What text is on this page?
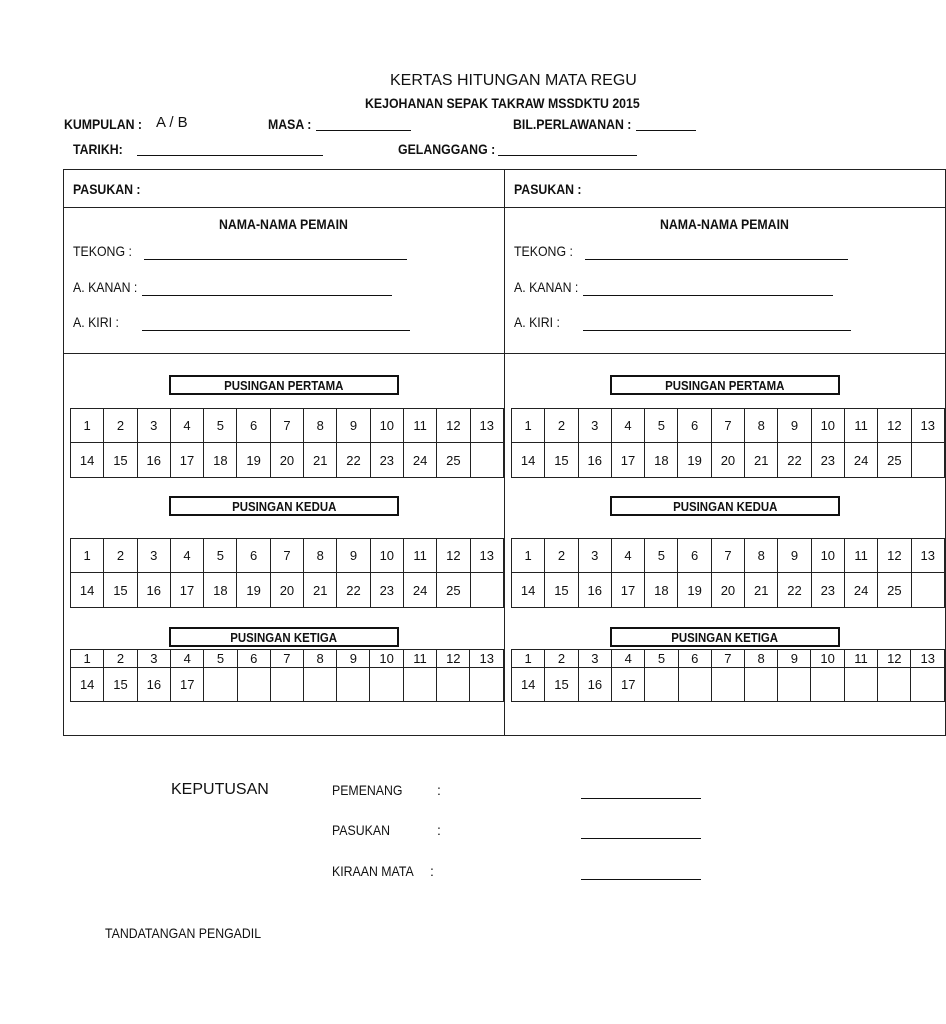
KERTAS HITUNGAN MATA REGU
KEJOHANAN SEPAK TAKRAW MSSDKTU 2015
KUMPULAN : A / B	MASA :	BIL.PERLAWANAN :
TARIKH:	GELANGGANG :
PASUKAN :
NAMA-NAMA PEMAIN
TEKONG :
A. KANAN :
A. KIRI :
PUSINGAN PERTAMA
1	2	3	4	5	6	7	8	9	10	11	12	13
14	15	16	17	18	19	20	21	22	23	24	25	
PUSINGAN KEDUA
1	2	3	4	5	6	7	8	9	10	11	12	13
14	15	16	17	18	19	20	21	22	23	24	25	
PUSINGAN KETIGA
1	2	3	4	5	6	7	8	9	10	11	12	13
14	15	16	17									
PASUKAN :
NAMA-NAMA PEMAIN
TEKONG :
A. KANAN :
A. KIRI :
PUSINGAN PERTAMA
1	2	3	4	5	6	7	8	9	10	11	12	13
14	15	16	17	18	19	20	21	22	23	24	25	
PUSINGAN KEDUA
1	2	3	4	5	6	7	8	9	10	11	12	13
14	15	16	17	18	19	20	21	22	23	24	25	
PUSINGAN KETIGA
1	2	3	4	5	6	7	8	9	10	11	12	13
14	15	16	17									
KEPUTUSAN	PEMENANG :
PASUKAN	:
KIRAAN MATA :
TANDATANGAN PENGADIL
